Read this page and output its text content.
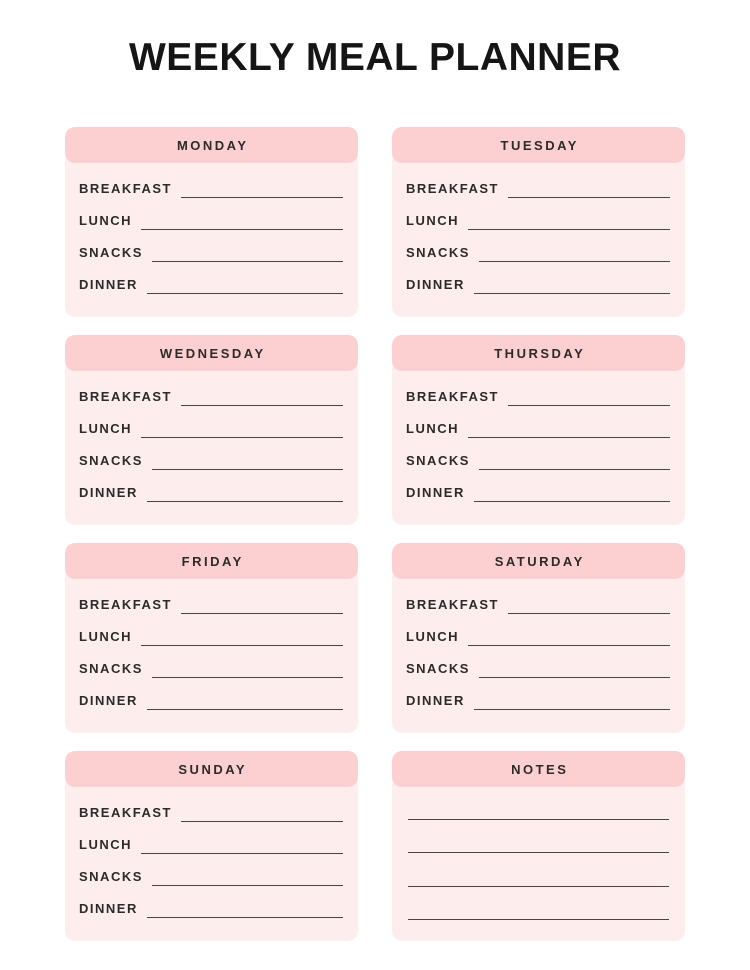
WEEKLY MEAL PLANNER
MONDAY
BREAKFAST
LUNCH
SNACKS
DINNER
TUESDAY
BREAKFAST
LUNCH
SNACKS
DINNER
WEDNESDAY
BREAKFAST
LUNCH
SNACKS
DINNER
THURSDAY
BREAKFAST
LUNCH
SNACKS
DINNER
FRIDAY
BREAKFAST
LUNCH
SNACKS
DINNER
SATURDAY
BREAKFAST
LUNCH
SNACKS
DINNER
SUNDAY
BREAKFAST
LUNCH
SNACKS
DINNER
NOTES
